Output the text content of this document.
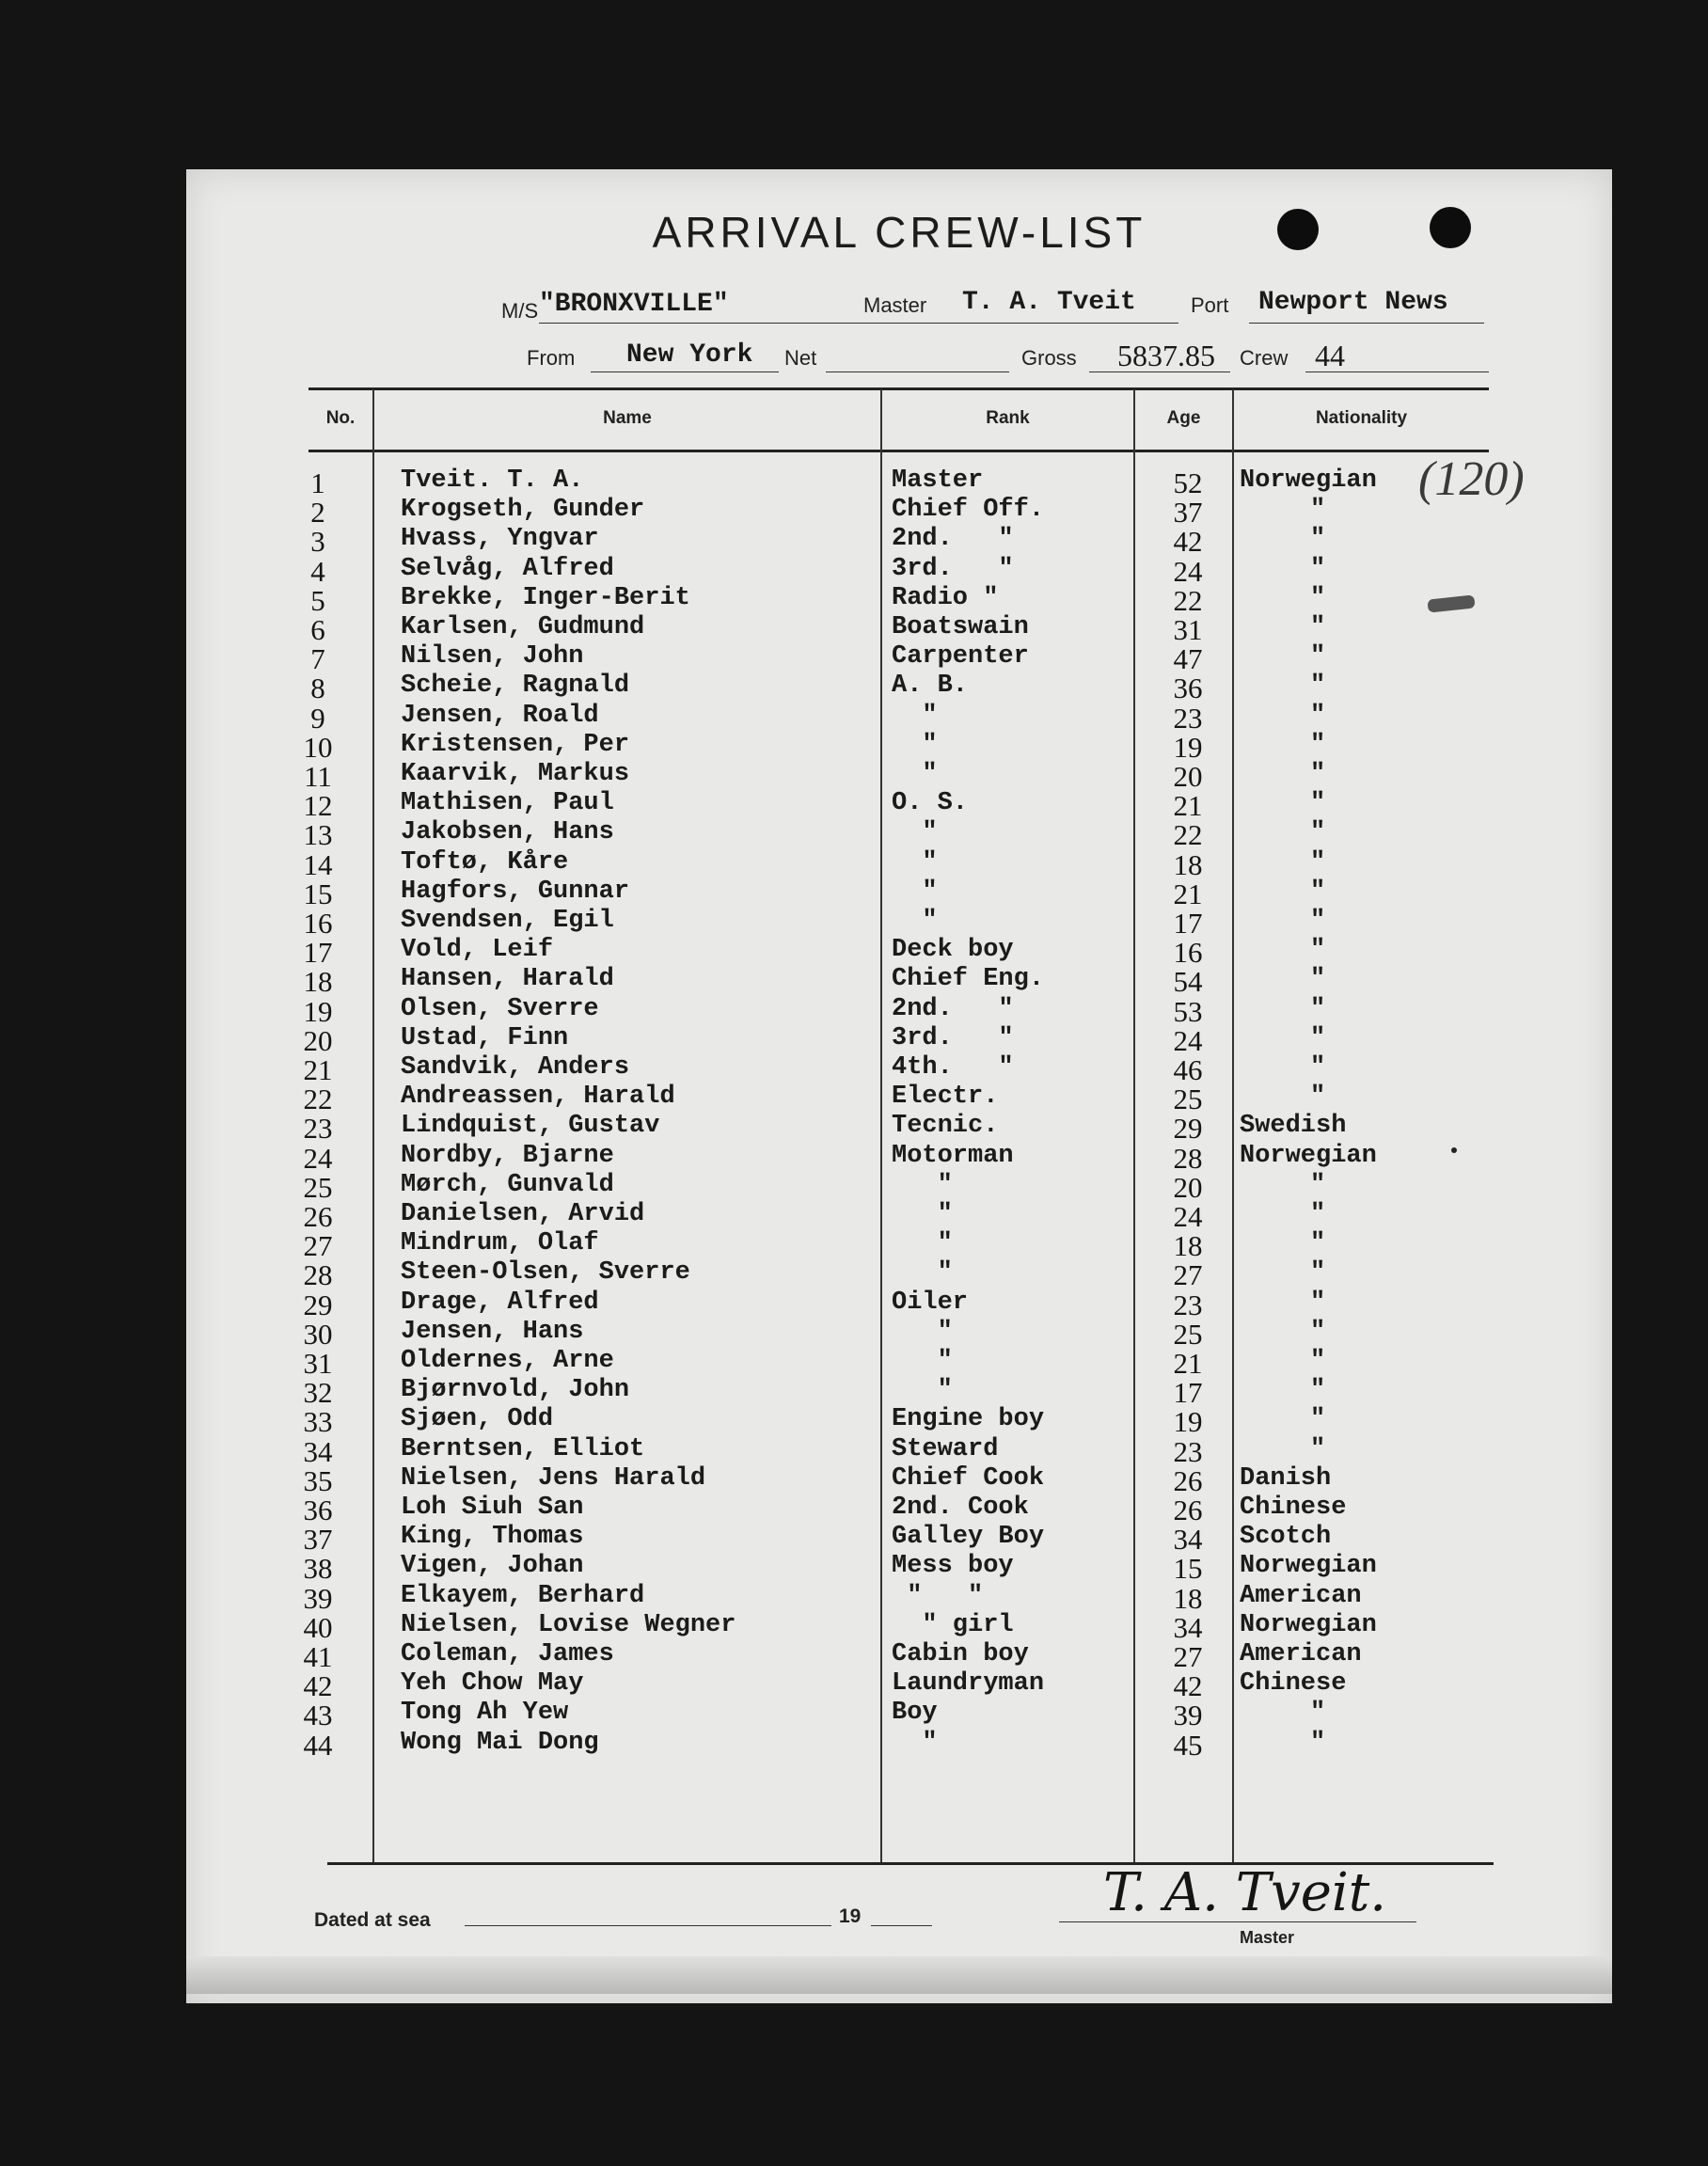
ARRIVAL CREW-LIST
M/S "BRONXVILLE"	Master T. A. Tveit	Port Newport News
From New York Net	Gross 5837.85 Crew 44
No.	Name	Rank	Age	Nationality
1	Tveit. T. A.	Master	52	Norwegian
2	Krogseth, Gunder	Chief Off.	37	"
3	Hvass, Yngvar	2nd.   "	42	"
4	Selvåg, Alfred	3rd.   "	24	"
5	Brekke, Inger-Berit	Radio "	22	"
6	Karlsen, Gudmund	Boatswain	31	"
7	Nilsen, John	Carpenter	47	"
8	Scheie, Ragnald	A. B.	36	"
9	Jensen, Roald	"	23	"
10	Kristensen, Per	"	19	"
11	Kaarvik, Markus	"	20	"
12	Mathisen, Paul	O. S.	21	"
13	Jakobsen, Hans	"	22	"
14	Toftø, Kåre	"	18	"
15	Hagfors, Gunnar	"	21	"
16	Svendsen, Egil	"	17	"
17	Vold, Leif	Deck boy	16	"
18	Hansen, Harald	Chief Eng.	54	"
19	Olsen, Sverre	2nd.   "	53	"
20	Ustad, Finn	3rd.   "	24	"
21	Sandvik, Anders	4th.   "	46	"
22	Andreassen, Harald	Electr.	25	"
23	Lindquist, Gustav	Tecnic.	29	Swedish
24	Nordby, Bjarne	Motorman	28	Norwegian
25	Mørch, Gunvald	"	20	"
26	Danielsen, Arvid	"	24	"
27	Mindrum, Olaf	"	18	"
28	Steen-Olsen, Sverre	"	27	"
29	Drage, Alfred	Oiler	23	"
30	Jensen, Hans	"	25	"
31	Oldernes, Arne	"	21	"
32	Bjørnvold, John	"	17	"
33	Sjøen, Odd	Engine boy	19	"
34	Berntsen, Elliot	Steward	23	"
35	Nielsen, Jens Harald	Chief Cook	26	Danish
36	Loh Siuh San	2nd. Cook	26	Chinese
37	King, Thomas	Galley Boy	34	Scotch
38	Vigen, Johan	Mess boy	15	Norwegian
39	Elkayem, Berhard	"   "	18	American
40	Nielsen, Lovise Wegner	" girl	34	Norwegian
41	Coleman, James	Cabin boy	27	American
42	Yeh Chow May	Laundryman	42	Chinese
43	Tong Ah Yew	Boy	39	"
44	Wong Mai Dong	"	45	"
(120)
Dated at sea	19	T. A. Tveit.
Master
